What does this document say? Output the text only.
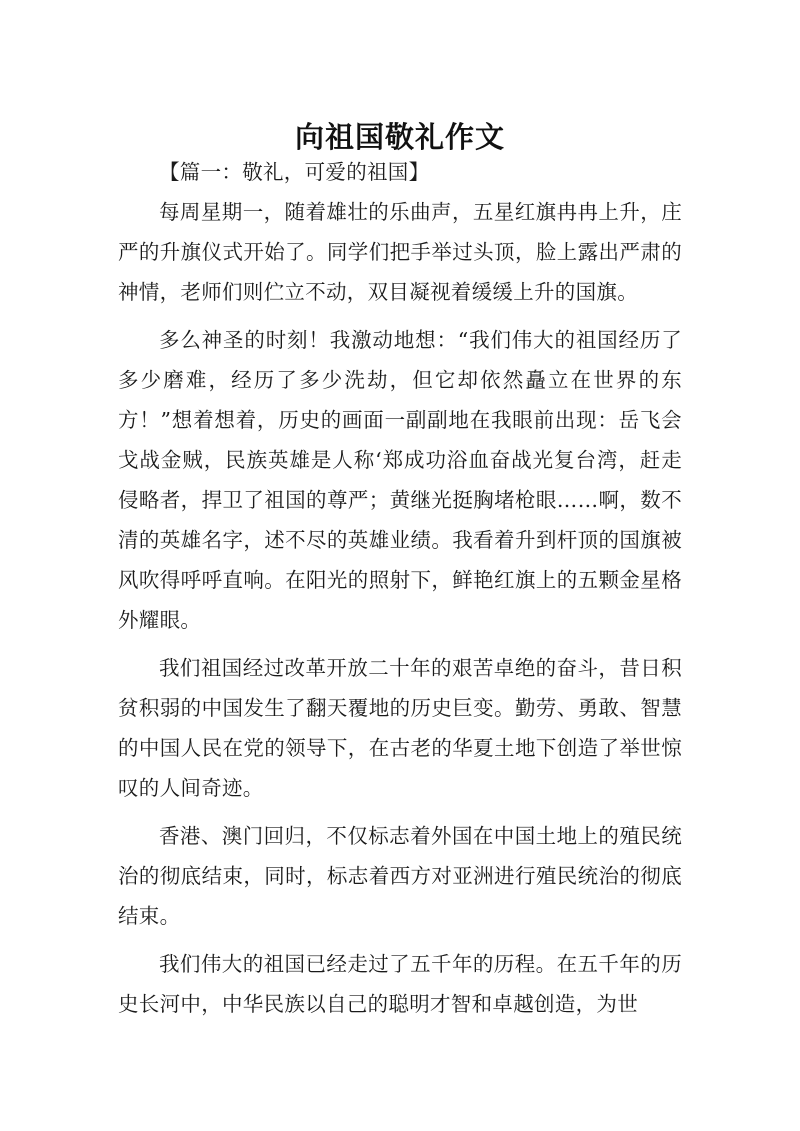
向祖国敬礼作文

【篇一：敬礼，可爱的祖国】

每周星期一，随着雄壮的乐曲声，五星红旗冉冉上升，庄严的升旗仪式开始了。同学们把手举过头顶，脸上露出严肃的神情，老师们则伫立不动，双目凝视着缓缓上升的国旗。

多么神圣的时刻！我激动地想：“我们伟大的祖国经历了多少磨难，经历了多少洗劫，但它却依然矗立在世界的东方！”想着想着，历史的画面一副副地在我眼前出现：岳飞会戈战金贼，民族英雄是人称‘郑成功浴血奋战光复台湾，赶走侵略者，捍卫了祖国的尊严；黄继光挺胸堵枪眼……啊，数不清的英雄名字，述不尽的英雄业绩。我看着升到杆顶的国旗被风吹得呼呼直响。在阳光的照射下，鲜艳红旗上的五颗金星格外耀眼。

我们祖国经过改革开放二十年的艰苦卓绝的奋斗，昔日积贫积弱的中国发生了翻天覆地的历史巨变。勤劳、勇敢、智慧的中国人民在党的领导下，在古老的华夏土地下创造了举世惊叹的人间奇迹。

香港、澳门回归，不仅标志着外国在中国土地上的殖民统治的彻底结束，同时，标志着西方对亚洲进行殖民统治的彻底结束。

我们伟大的祖国已经走过了五千年的历程。在五千年的历史长河中，中华民族以自己的聪明才智和卓越创造，为世
